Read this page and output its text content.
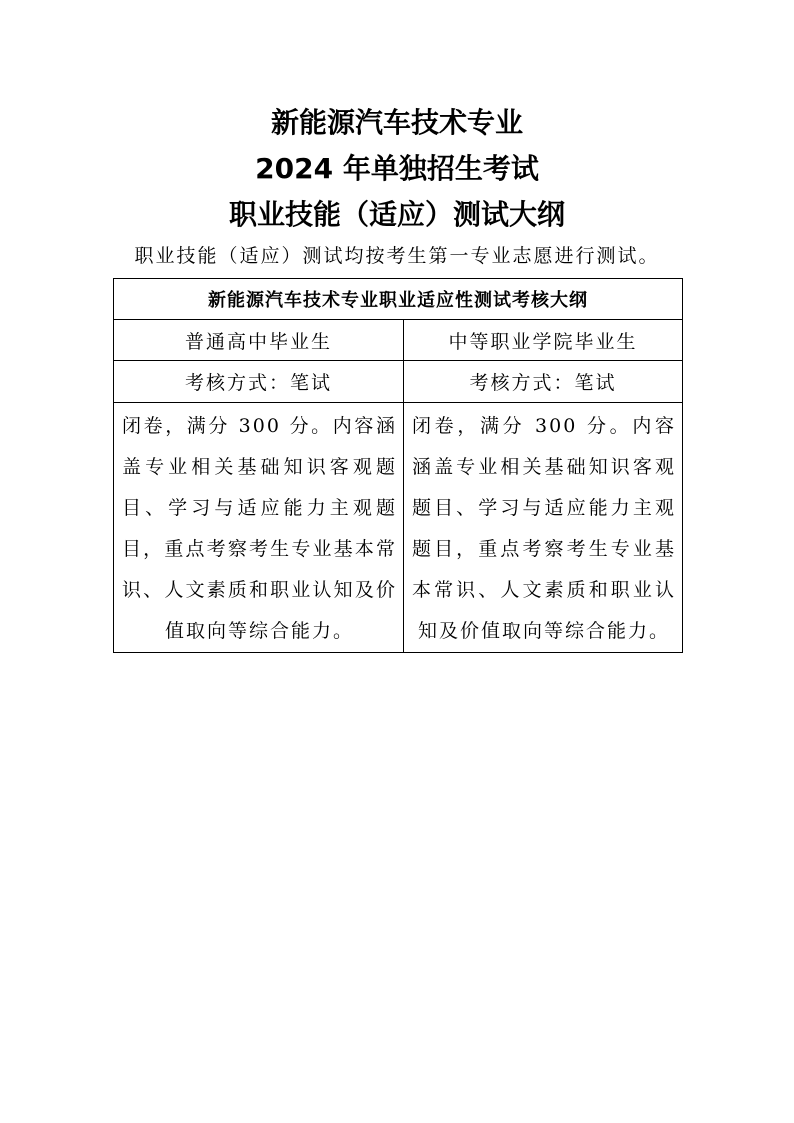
新能源汽车技术专业
2024 年单独招生考试
职业技能（适应）测试大纲
职业技能（适应）测试均按考生第一专业志愿进行测试。
新能源汽车技术专业职业适应性测试考核大纲	
普通高中毕业生	中等职业学院毕业生
考核方式：笔试	考核方式：笔试

闭卷，满分 300 分。内容涵盖专业相关基础知识客观题目、学习与适应能力主观题目，重点考察考生专业基本常识、人文素质和职业认知及价值取向等综合能力。	闭卷，满分 300 分。内容涵盖专业相关基础知识客观题目、学习与适应能力主观题目，重点考察考生专业基本常识、人文素质和职业认知及价值取向等综合能力。
